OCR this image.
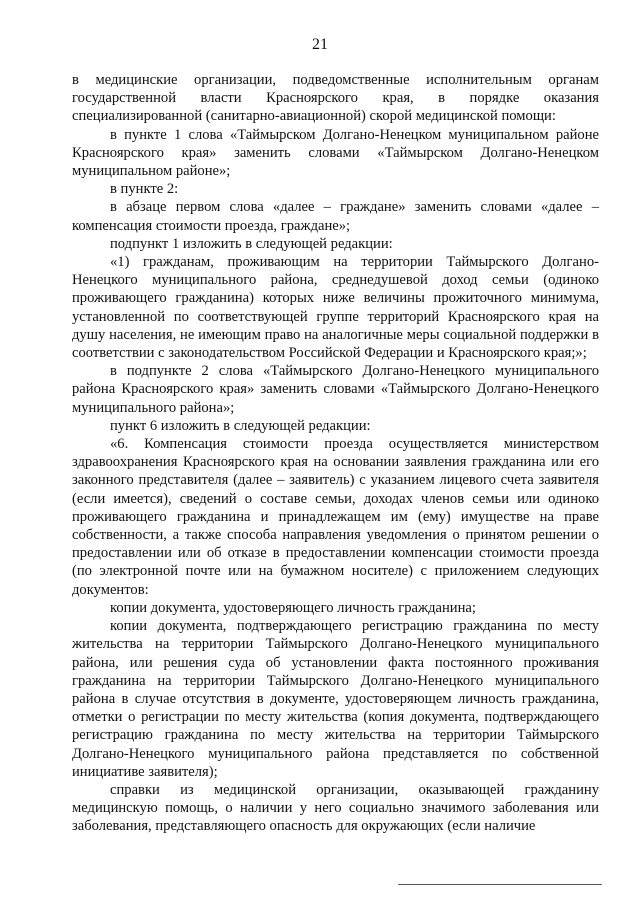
21

в медицинские организации, подведомственные исполнительным органам государственной власти Красноярского края, в порядке оказания специализированной (санитарно-авиационной) скорой медицинской помощи:

в пункте 1 слова «Таймырском Долгано-Ненецком муниципальном районе Красноярского края» заменить словами «Таймырском Долгано-Ненецком муниципальном районе»;

в пункте 2:

в абзаце первом слова «далее – граждане» заменить словами «далее – компенсация стоимости проезда, граждане»;

подпункт 1 изложить в следующей редакции:

«1) гражданам, проживающим на территории Таймырского Долгано-Ненецкого муниципального района, среднедушевой доход семьи (одиноко проживающего гражданина) которых ниже величины прожиточного минимума, установленной по соответствующей группе территорий Красноярского края на душу населения, не имеющим право на аналогичные меры социальной поддержки в соответствии с законодательством Российской Федерации и Красноярского края;»;

в подпункте 2 слова «Таймырского Долгано-Ненецкого муниципального района Красноярского края» заменить словами «Таймырского Долгано-Ненецкого муниципального района»;

пункт 6 изложить в следующей редакции:

«6. Компенсация стоимости проезда осуществляется министерством здравоохранения Красноярского края на основании заявления гражданина или его законного представителя (далее – заявитель) с указанием лицевого счета заявителя (если имеется), сведений о составе семьи, доходах членов семьи или одиноко проживающего гражданина и принадлежащем им (ему) имуществе на праве собственности, а также способа направления уведомления о принятом решении о предоставлении или об отказе в предоставлении компенсации стоимости проезда (по электронной почте или на бумажном носителе) с приложением следующих документов:

копии документа, удостоверяющего личность гражданина;

копии документа, подтверждающего регистрацию гражданина по месту жительства на территории Таймырского Долгано-Ненецкого муниципального района, или решения суда об установлении факта постоянного проживания гражданина на территории Таймырского Долгано-Ненецкого муниципального района в случае отсутствия в документе, удостоверяющем личность гражданина, отметки о регистрации по месту жительства (копия документа, подтверждающего регистрацию гражданина по месту жительства на территории Таймырского Долгано-Ненецкого муниципального района представляется по собственной инициативе заявителя);

справки из медицинской организации, оказывающей гражданину медицинскую помощь, о наличии у него социально значимого заболевания или заболевания, представляющего опасность для окружающих (если наличие
